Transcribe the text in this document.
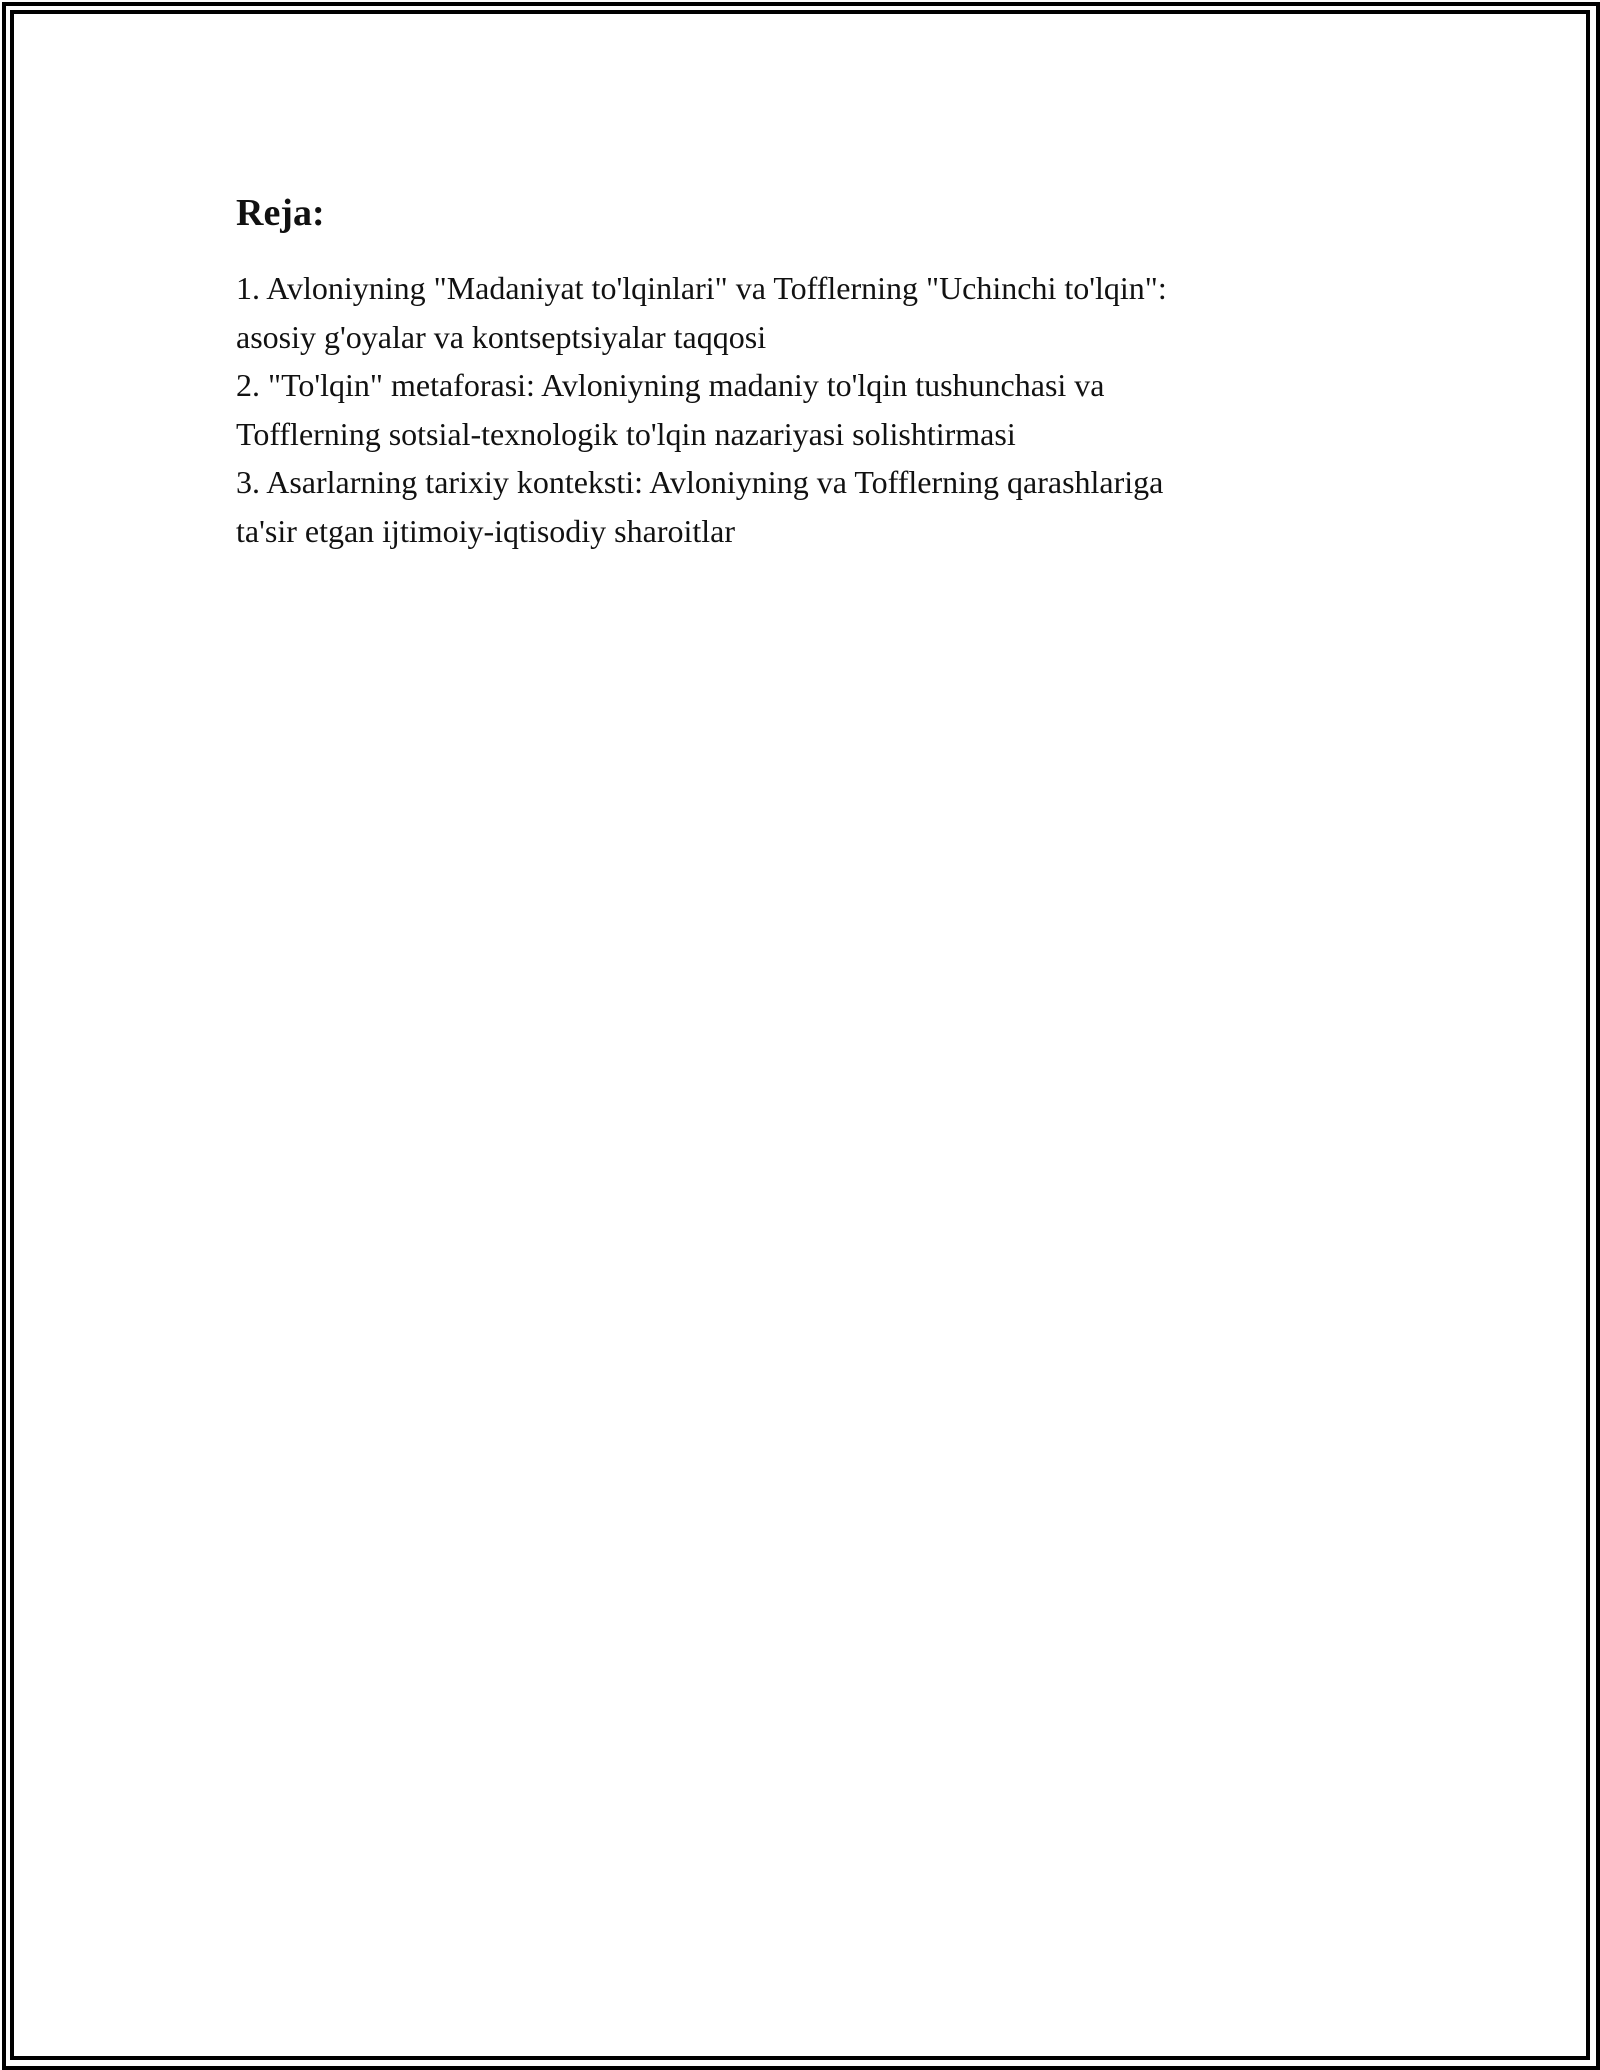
Reja:
1. Avloniyning "Madaniyat to'lqinlari" va Tofflerning "Uchinchi to'lqin":
asosiy g'oyalar va kontseptsiyalar taqqosi
2. "To'lqin" metaforasi: Avloniyning madaniy to'lqin tushunchasi va
Tofflerning sotsial-texnologik to'lqin nazariyasi solishtirmasi
3. Asarlarning tarixiy konteksti: Avloniyning va Tofflerning qarashlariga
ta'sir etgan ijtimoiy-iqtisodiy sharoitlar
